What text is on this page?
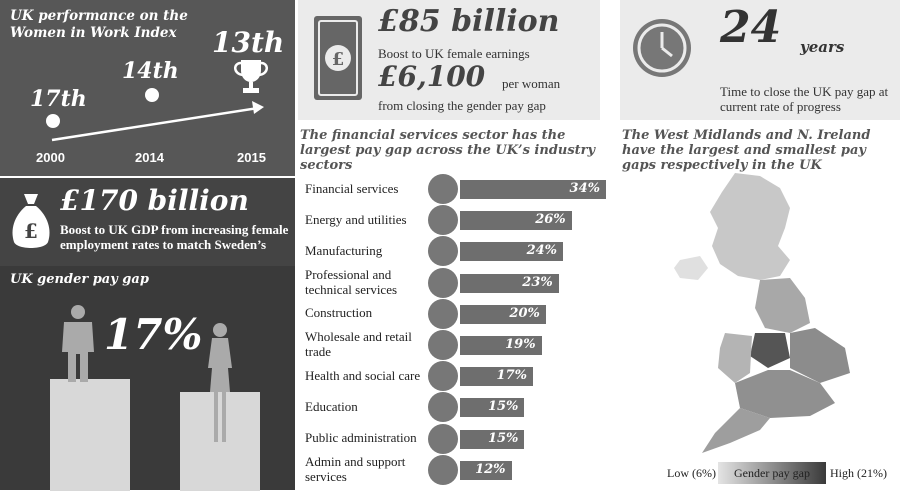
UK performance on the Women in Work Index
17th
14th
13th
2000	2014	2015
£
£170 billion
Boost to UK GDP from increasing female employment rates to match Sweden’s
UK gender pay gap
17%
£
£85 billion
Boost to UK female earnings
£6,100 per woman
from closing the gender pay gap
24 years
Time to close the UK pay gap at current rate of progress
The financial services sector has the largest pay gap across the UK’s industry sectors
Financial services	34%
Energy and utilities	26%
Manufacturing	24%
Professional and
technical services	23%
Construction	20%
Wholesale and retail
trade	19%
Health and social care	17%
Education	15%
Public administration	15%
Admin and support
services	12%
The West Midlands and N. Ireland have the largest and smallest pay gaps respectively in the UK
Low (6%) Gender pay gap High (21%)
